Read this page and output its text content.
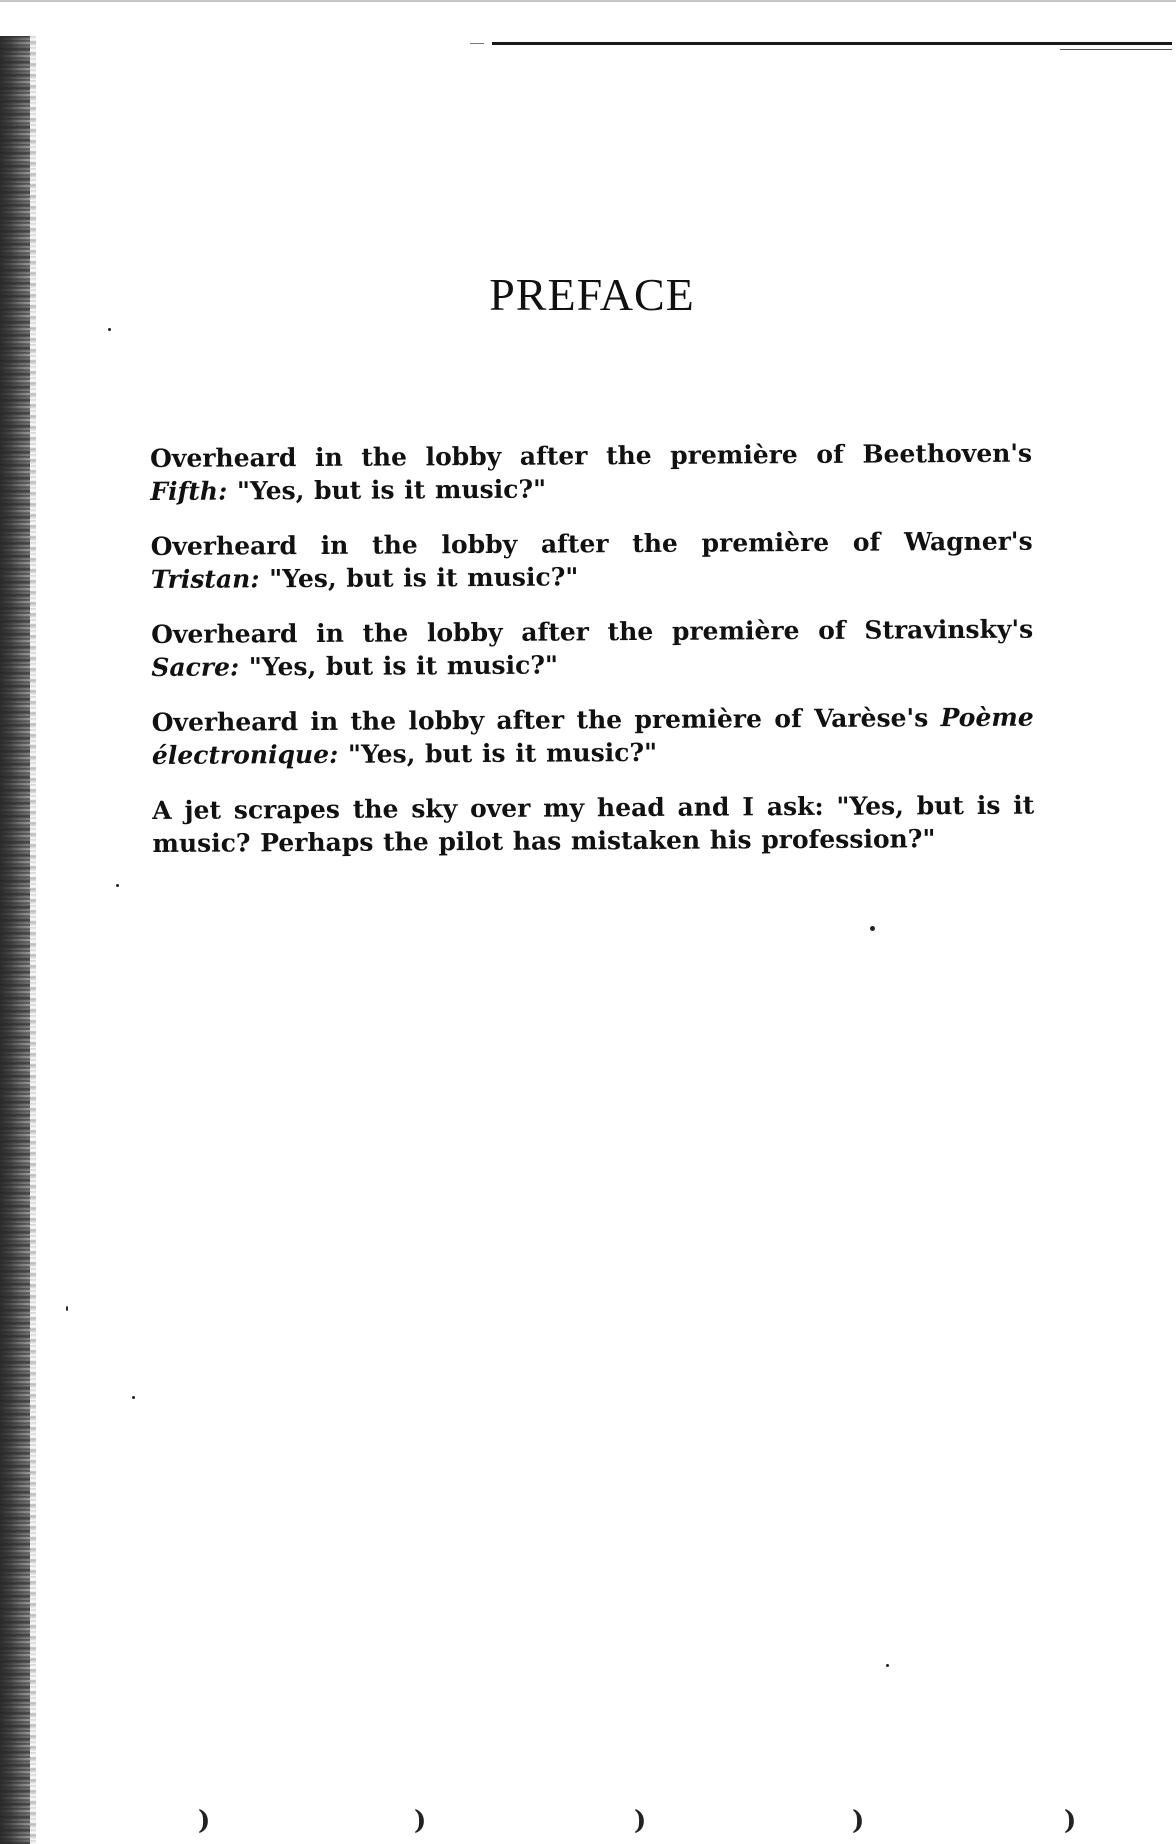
PREFACE

Overheard in the lobby after the première of Beethoven's Fifth: "Yes, but is it music?"

Overheard in the lobby after the première of Wagner's Tristan: "Yes, but is it music?"

Overheard in the lobby after the première of Stravinsky's Sacre: "Yes, but is it music?"

Overheard in the lobby after the première of Varèse's Poème électronique: "Yes, but is it music?"

A jet scrapes the sky over my head and I ask: "Yes, but is it music? Perhaps the pilot has mistaken his profession?"

)	)	)	)	)
